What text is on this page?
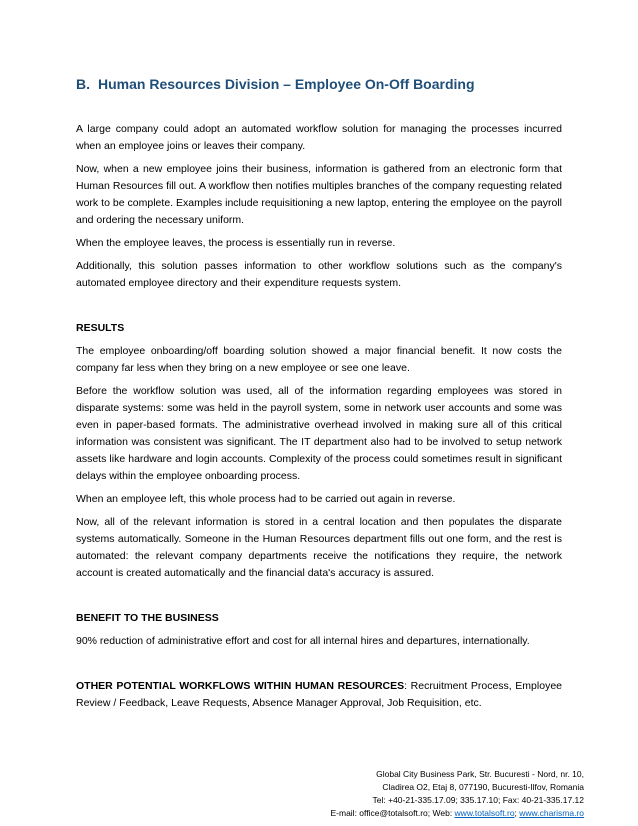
B. Human Resources Division – Employee On-Off Boarding

A large company could adopt an automated workflow solution for managing the processes incurred when an employee joins or leaves their company.

Now, when a new employee joins their business, information is gathered from an electronic form that Human Resources fill out. A workflow then notifies multiples branches of the company requesting related work to be complete. Examples include requisitioning a new laptop, entering the employee on the payroll and ordering the necessary uniform.

When the employee leaves, the process is essentially run in reverse.

Additionally, this solution passes information to other workflow solutions such as the company's automated employee directory and their expenditure requests system.

RESULTS

The employee onboarding/off boarding solution showed a major financial benefit. It now costs the company far less when they bring on a new employee or see one leave.

Before the workflow solution was used, all of the information regarding employees was stored in disparate systems: some was held in the payroll system, some in network user accounts and some was even in paper-based formats. The administrative overhead involved in making sure all of this critical information was consistent was significant. The IT department also had to be involved to setup network assets like hardware and login accounts. Complexity of the process could sometimes result in significant delays within the employee onboarding process.

When an employee left, this whole process had to be carried out again in reverse.

Now, all of the relevant information is stored in a central location and then populates the disparate systems automatically. Someone in the Human Resources department fills out one form, and the rest is automated: the relevant company departments receive the notifications they require, the network account is created automatically and the financial data's accuracy is assured.

BENEFIT TO THE BUSINESS

90% reduction of administrative effort and cost for all internal hires and departures, internationally.

OTHER POTENTIAL WORKFLOWS WITHIN HUMAN RESOURCES: Recruitment Process, Employee Review / Feedback, Leave Requests, Absence Manager Approval, Job Requisition, etc.

Global City Business Park, Str. Bucuresti - Nord, nr. 10,
Cladirea O2, Etaj 8, 077190, Bucuresti-Ilfov, Romania
Tel: +40-21-335.17.09; 335.17.10; Fax: 40-21-335.17.12
E-mail: office@totalsoft.ro; Web: www.totalsoft.ro; www.charisma.ro
